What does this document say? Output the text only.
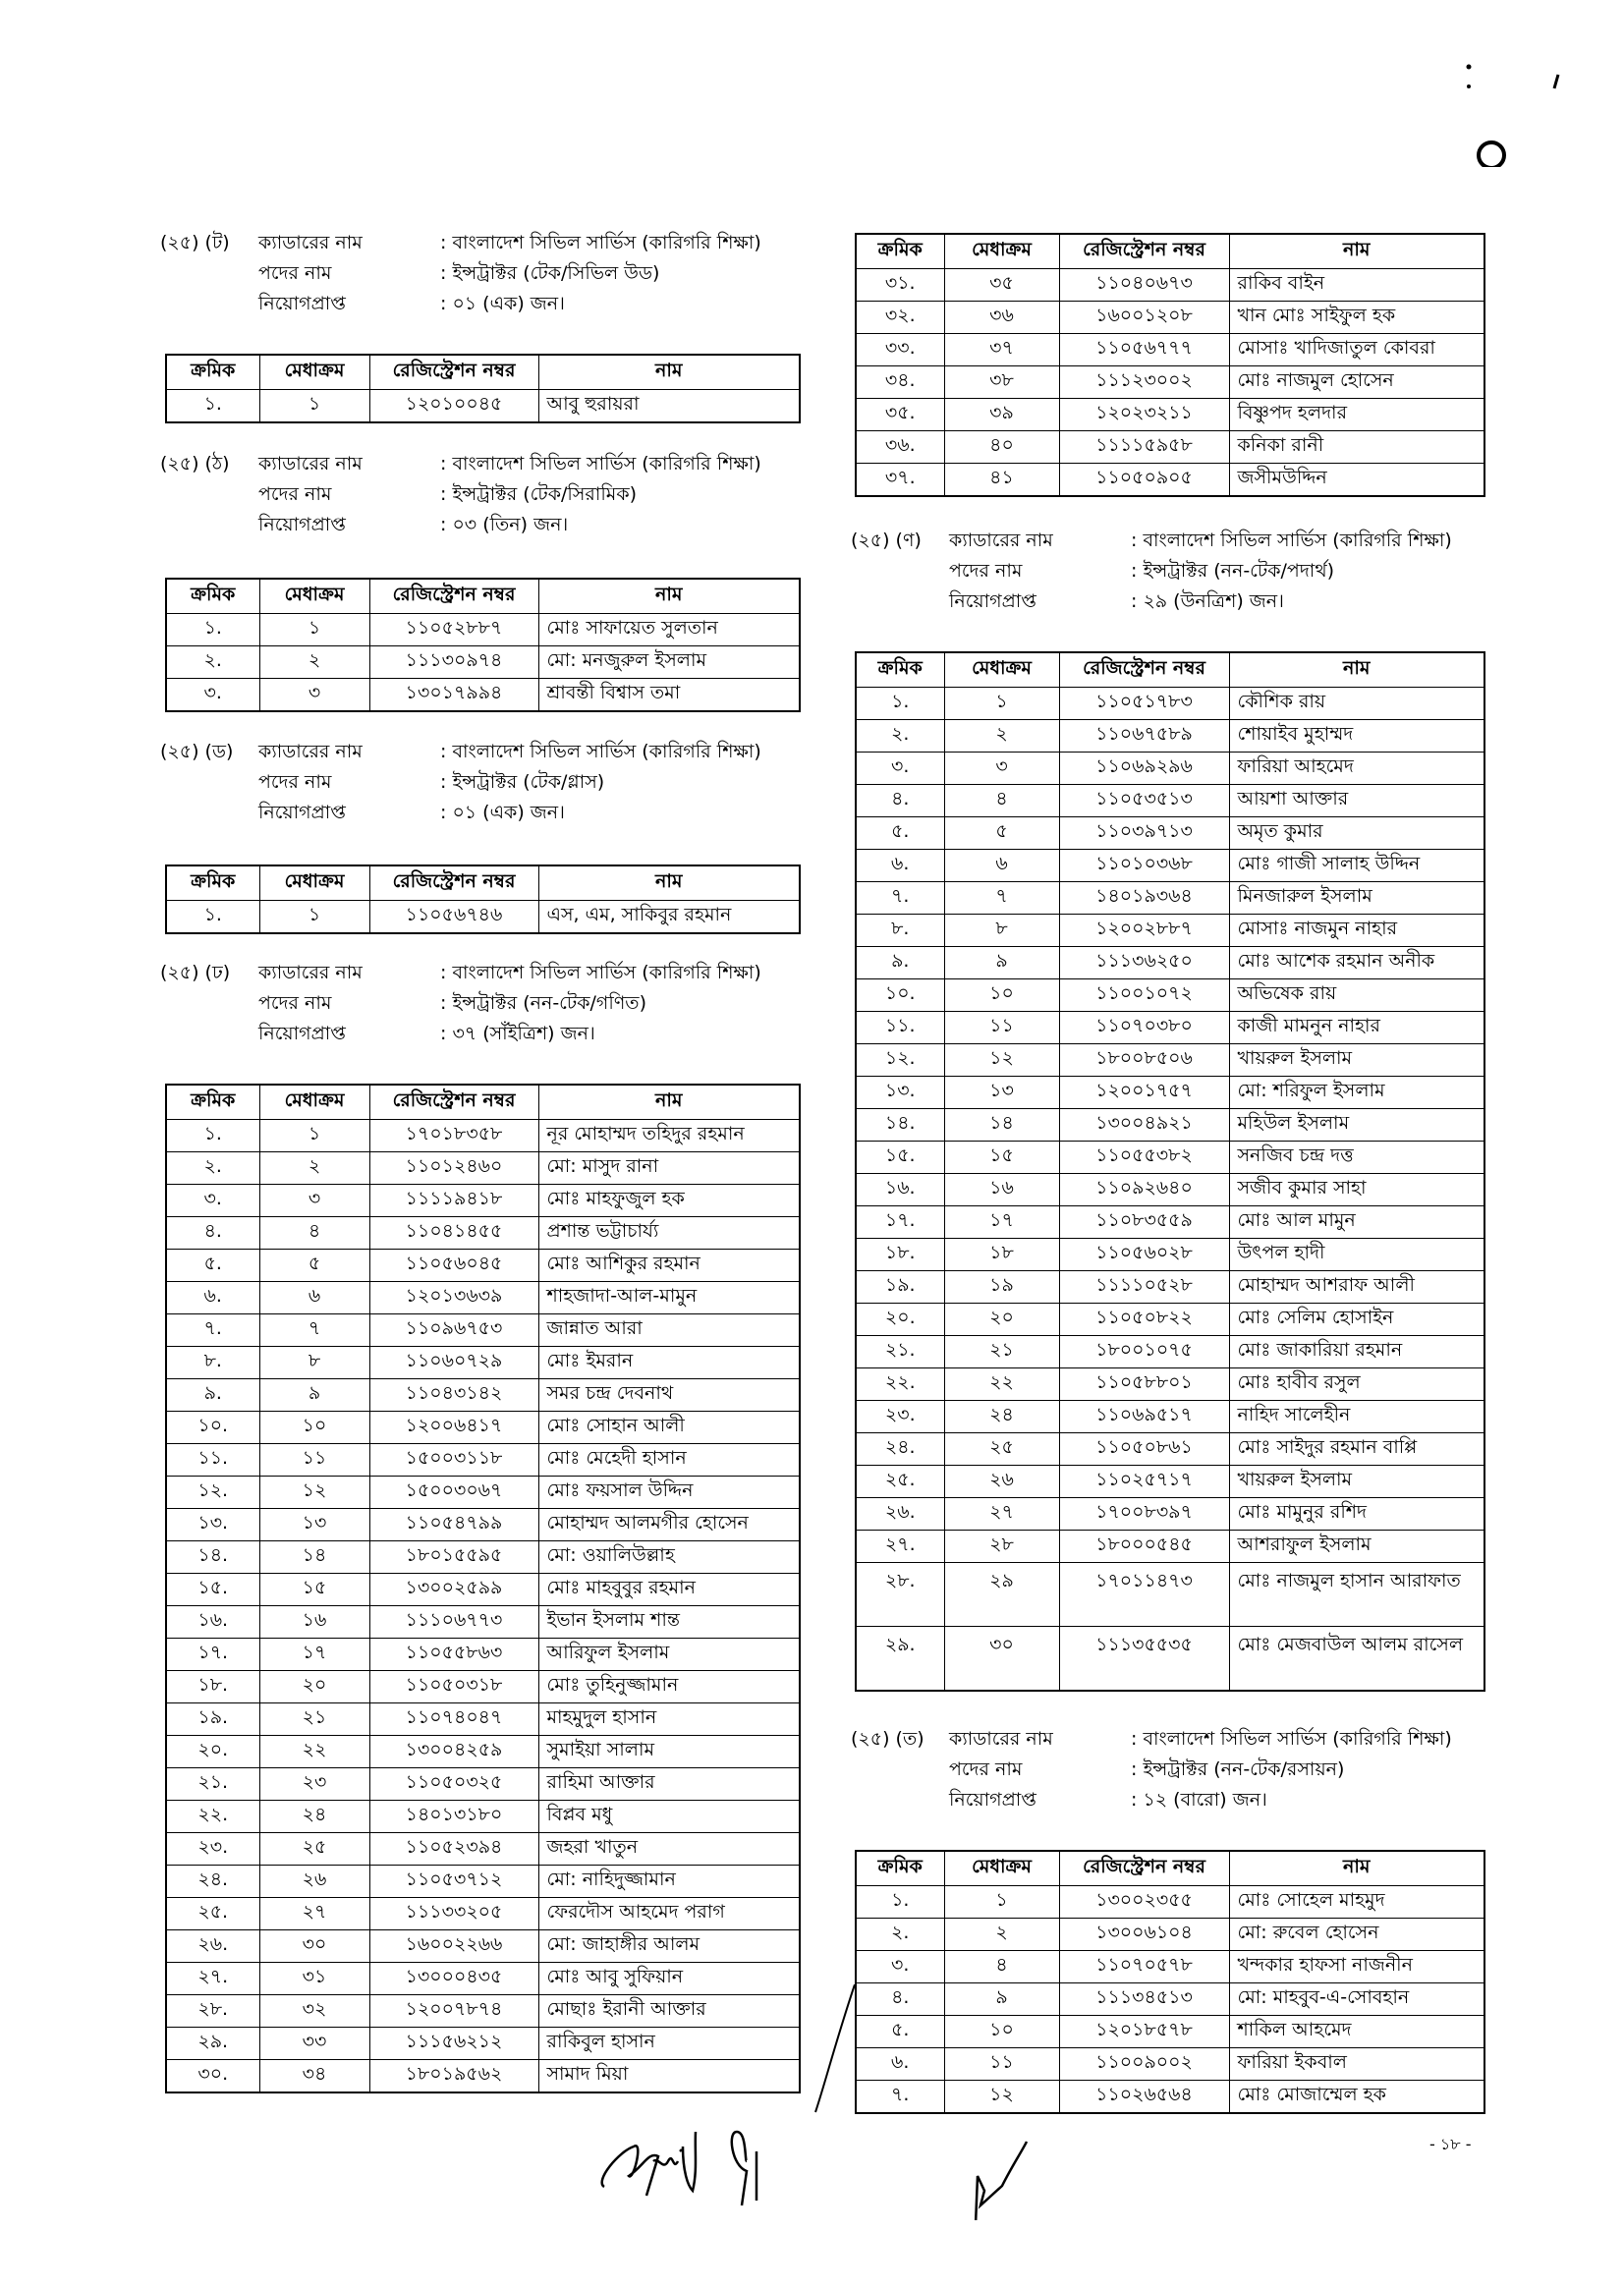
(২৫) (ট) ক্যাডারের নাম	: বাংলাদেশ সিভিল সার্ভিস (কারিগরি শিক্ষা)
পদের নাম	: ইন্সট্রাক্টর (টেক/সিভিল উড)
নিয়োগপ্রাপ্ত	: ০১ (এক) জন।
(২৫) (ঠ) ক্যাডারের নাম	: বাংলাদেশ সিভিল সার্ভিস (কারিগরি শিক্ষা)
পদের নাম	: ইন্সট্রাক্টর (টেক/সিরামিক)
নিয়োগপ্রাপ্ত	: ০৩ (তিন) জন।
(২৫) (ড) ক্যাডারের নাম	: বাংলাদেশ সিভিল সার্ভিস (কারিগরি শিক্ষা)
পদের নাম	: ইন্সট্রাক্টর (টেক/গ্লাস)
নিয়োগপ্রাপ্ত	: ০১ (এক) জন।
(২৫) (ঢ) ক্যাডারের নাম	: বাংলাদেশ সিভিল সার্ভিস (কারিগরি শিক্ষা)
পদের নাম	: ইন্সট্রাক্টর (নন-টেক/গণিত)
নিয়োগপ্রাপ্ত	: ৩৭ (সাঁইত্রিশ) জন।
(২৫) (ণ) ক্যাডারের নাম	: বাংলাদেশ সিভিল সার্ভিস (কারিগরি শিক্ষা)
পদের নাম	: ইন্সট্রাক্টর (নন-টেক/পদার্থ)
নিয়োগপ্রাপ্ত	: ২৯ (উনত্রিশ) জন।
(২৫) (ত) ক্যাডারের নাম	: বাংলাদেশ সিভিল সার্ভিস (কারিগরি শিক্ষা)
পদের নাম	: ইন্সট্রাক্টর (নন-টেক/রসায়ন)
নিয়োগপ্রাপ্ত	: ১২ (বারো) জন।
ক্রমিক	মেধাক্রম	রেজিস্ট্রেশন নম্বর	নাম
১.	১	১২০১০০৪৫	আবু হুরায়রা
ক্রমিক	মেধাক্রম	রেজিস্ট্রেশন নম্বর	নাম
১.	১	১১০৫২৮৮৭	মোঃ সাফায়েত সুলতান
২.	২	১১১৩০৯৭৪	মো: মনজুরুল ইসলাম
৩.	৩	১৩০১৭৯৯৪	শ্রাবন্তী বিশ্বাস তমা
ক্রমিক	মেধাক্রম	রেজিস্ট্রেশন নম্বর	নাম
১.	১	১১০৫৬৭৪৬	এস, এম, সাকিবুর রহমান
ক্রমিক	মেধাক্রম	রেজিস্ট্রেশন নম্বর	নাম
১.	১	১৭০১৮৩৫৮	নূর মোহাম্মদ তহিদুর রহমান
২.	২	১১০১২৪৬০	মো: মাসুদ রানা
৩.	৩	১১১১৯৪১৮	মোঃ মাহফুজুল হক
৪.	৪	১১০৪১৪৫৫	প্রশান্ত ভট্টাচার্য্য
৫.	৫	১১০৫৬০৪৫	মোঃ আশিকুর রহমান
৬.	৬	১২০১৩৬৩৯	শাহজাদা-আল-মামুন
৭.	৭	১১০৯৬৭৫৩	জান্নাত আরা
৮.	৮	১১০৬০৭২৯	মোঃ ইমরান
৯.	৯	১১০৪৩১৪২	সমর চন্দ্র দেবনাথ
১০.	১০	১২০০৬৪১৭	মোঃ সোহান আলী
১১.	১১	১৫০০৩১১৮	মোঃ মেহেদী হাসান
১২.	১২	১৫০০৩০৬৭	মোঃ ফয়সাল উদ্দিন
১৩.	১৩	১১০৫৪৭৯৯	মোহাম্মদ আলমগীর হোসেন
১৪.	১৪	১৮০১৫৫৯৫	মো: ওয়ালিউল্লাহ
১৫.	১৫	১৩০০২৫৯৯	মোঃ মাহবুবুর রহমান
১৬.	১৬	১১১০৬৭৭৩	ইভান ইসলাম শান্ত
১৭.	১৭	১১০৫৫৮৬৩	আরিফুল ইসলাম
১৮.	২০	১১০৫০৩১৮	মোঃ তুহিনুজ্জামান
১৯.	২১	১১০৭৪০৪৭	মাহমুদুল হাসান
২০.	২২	১৩০০৪২৫৯	সুমাইয়া সালাম
২১.	২৩	১১০৫০৩২৫	রাহিমা আক্তার
২২.	২৪	১৪০১৩১৮০	বিপ্লব মধু
২৩.	২৫	১১০৫২৩৯৪	জহরা খাতুন
২৪.	২৬	১১০৫৩৭১২	মো: নাহিদুজ্জামান
২৫.	২৭	১১১৩৩২০৫	ফেরদৌস আহমেদ পরাগ
২৬.	৩০	১৬০০২২৬৬	মো: জাহাঙ্গীর আলম
২৭.	৩১	১৩০০০৪৩৫	মোঃ আবু সুফিয়ান
২৮.	৩২	১২০০৭৮৭৪	মোছাঃ ইরানী আক্তার
২৯.	৩৩	১১১৫৬২১২	রাকিবুল হাসান
৩০.	৩৪	১৮০১৯৫৬২	সামাদ মিয়া
ক্রমিক	মেধাক্রম	রেজিস্ট্রেশন নম্বর	নাম
৩১.	৩৫	১১০৪০৬৭৩	রাকিব বাইন
৩২.	৩৬	১৬০০১২০৮	খান মোঃ সাইফুল হক
৩৩.	৩৭	১১০৫৬৭৭৭	মোসাঃ খাদিজাতুল কোবরা
৩৪.	৩৮	১১১২৩০০২	মোঃ নাজমুল হোসেন
৩৫.	৩৯	১২০২৩২১১	বিষ্ণুপদ হলদার
৩৬.	৪০	১১১১৫৯৫৮	কনিকা রানী
৩৭.	৪১	১১০৫০৯০৫	জসীমউদ্দিন
ক্রমিক	মেধাক্রম	রেজিস্ট্রেশন নম্বর	নাম
১.	১	১১০৫১৭৮৩	কৌশিক রায়
২.	২	১১০৬৭৫৮৯	শোয়াইব মুহাম্মদ
৩.	৩	১১০৬৯২৯৬	ফারিয়া আহমেদ
৪.	৪	১১০৫৩৫১৩	আয়শা আক্তার
৫.	৫	১১০৩৯৭১৩	অমৃত কুমার
৬.	৬	১১০১০৩৬৮	মোঃ গাজী সালাহ উদ্দিন
৭.	৭	১৪০১৯৩৬৪	মিনজারুল ইসলাম
৮.	৮	১২০০২৮৮৭	মোসাঃ নাজমুন নাহার
৯.	৯	১১১৩৬২৫০	মোঃ আশেক রহমান অনীক
১০.	১০	১১০০১০৭২	অভিষেক রায়
১১.	১১	১১০৭০৩৮০	কাজী মামনুন নাহার
১২.	১২	১৮০০৮৫০৬	খায়রুল ইসলাম
১৩.	১৩	১২০০১৭৫৭	মো: শরিফুল ইসলাম
১৪.	১৪	১৩০০৪৯২১	মহিউল ইসলাম
১৫.	১৫	১১০৫৫৩৮২	সনজিব চন্দ্র দত্ত
১৬.	১৬	১১০৯২৬৪০	সজীব কুমার সাহা
১৭.	১৭	১১০৮৩৫৫৯	মোঃ আল মামুন
১৮.	১৮	১১০৫৬০২৮	উৎপল হাদী
১৯.	১৯	১১১১০৫২৮	মোহাম্মদ আশরাফ আলী
২০.	২০	১১০৫০৮২২	মোঃ সেলিম হোসাইন
২১.	২১	১৮০০১০৭৫	মোঃ জাকারিয়া রহমান
২২.	২২	১১০৫৮৮০১	মোঃ হাবীব রসুল
২৩.	২৪	১১০৬৯৫১৭	নাহিদ সালেহীন
২৪.	২৫	১১০৫০৮৬১	মোঃ সাইদুর রহমান বাপ্পি
২৫.	২৬	১১০২৫৭১৭	খায়রুল ইসলাম
২৬.	২৭	১৭০০৮৩৯৭	মোঃ মামুনুর রশিদ
২৭.	২৮	১৮০০০৫৪৫	আশরাফুল ইসলাম
২৮.	২৯	১৭০১১৪৭৩	মোঃ নাজমুল হাসান আরাফাত
২৯.	৩০	১১১৩৫৫৩৫	মোঃ মেজবাউল আলম রাসেল
ক্রমিক	মেধাক্রম	রেজিস্ট্রেশন নম্বর	নাম
১.	১	১৩০০২৩৫৫	মোঃ সোহেল মাহমুদ
২.	২	১৩০০৬১০৪	মো: রুবেল হোসেন
৩.	৪	১১০৭০৫৭৮	খন্দকার হাফসা নাজনীন
৪.	৯	১১১৩৪৫১৩	মো: মাহবুব-এ-সোবহান
৫.	১০	১২০১৮৫৭৮	শাকিল আহমেদ
৬.	১১	১১০০৯০০২	ফারিয়া ইকবাল
৭.	১২	১১০২৬৫৬৪	মোঃ মোজাম্মেল হক
- ১৮ -
